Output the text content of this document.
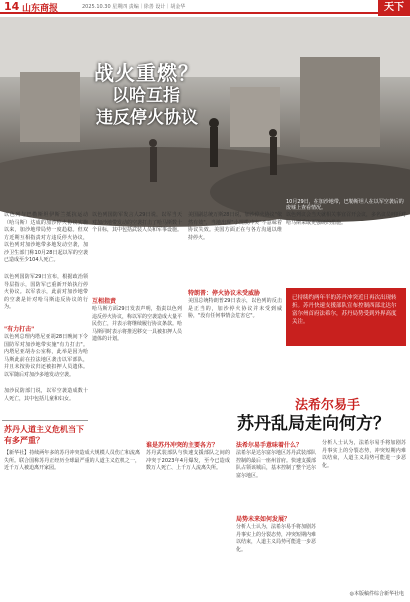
14 山东商报	2025.10.30 星期四 责编｜徐善 设计｜胡金华	天下
战火重燃？
以哈互指
违反停火协议
10月29日，在加沙地带，巴勒斯坦人在以军空袭后的废墟上查看情况。
以色列与巴勒斯坦伊斯兰抵抗运动（哈马斯）达成的加沙停火协议实施以来，加沙地带局势一度趋稳。但双方近期互相指责对方违反停火协议，以色列对加沙地带多地发动空袭，加沙卫生部门称10月28日起以军的空袭已造成至少104人死亡。
以色列国防军29日宣布，根据政治领导层指示，国防军已重新开始执行停火协议。以军表示，此前对加沙地带的空袭是针对哈马斯违反协议的行为。
"有力打击"
以色列总理内塔尼亚胡28日晚间下令国防军对加沙地带实施"有力打击"。内塔尼亚胡办公室称，此举是因为哈马斯此前在拉法地区袭击以军部队，并且未按协议归还被扣押人员遗体。以军随后对加沙多地发动空袭。
加沙民防部门说，以军空袭造成数十人死亡，其中包括儿童和妇女。
苏丹人道主义危机当下有多严重？
【新华社】持续两年多的苏丹冲突造成大规模人员伤亡和流离失所。联合国称苏丹正经历全球最严重的人道主义危机之一，近千万人被迫离开家园。
以色列国防军发言人29日说，以军当天对加沙地带发动的空袭打击了哈马斯数十个目标，其中包括武装人员和军事设施。
互相指责
哈马斯方面29日发表声明，指责以色列违反停火协议，称以军的空袭造成大量平民伤亡，并表示将继续履行协议条款。哈马斯同时表示将推迟移交一具被扣押人员遗体的计划。
美国副总统万斯28日说，加沙停火协议"依然有效"，当地出现"小规模冲突"不意味着协议失效。美国方面正在与各方沟通以维持停火。
以色列议会当天就相关事宜召开会议，多名议员呼吁对哈马斯采取更强硬的措施。
特朗普：停火协议未受威胁
美国总统特朗普29日表示，以色列的反击是正当的，加沙停火协议并未受到威胁，"没有任何事情会危害它"。

已持续约两年半的苏丹冲突近日再次出现转折。苏丹快速支援部队宣布控制西部北达尔富尔州首府法希尔，苏丹局势受到外界高度关注。

法希尔易手
苏丹乱局走向何方？
谁是苏丹冲突的主要各方？
苏丹武装部队与快速支援部队之间的冲突于2023年4月爆发，至今已造成数万人死亡、上千万人流离失所。
法希尔易手意味着什么？
法希尔是达尔富尔地区苏丹武装部队控制的最后一座州首府。快速支援部队占领该城后，基本控制了整个达尔富尔地区。
局势未来如何发展？
分析人士认为，法希尔易手将加剧苏丹事实上的分裂态势，冲突短期内难以结束，人道主义局势可能进一步恶化。
分析人士认为，法希尔易手将加剧苏丹事实上的分裂态势，冲突短期内难以结束，人道主义局势可能进一步恶化。
◎本版稿件综合新华社电
